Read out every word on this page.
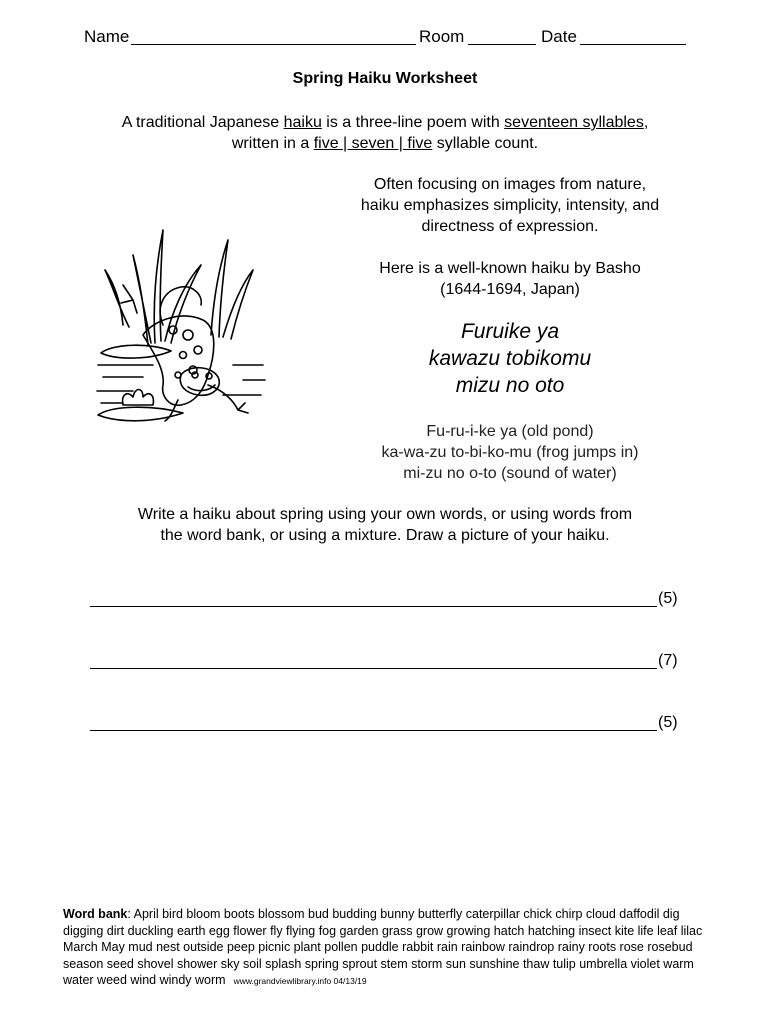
Name	Room	Date
Spring Haiku Worksheet
A traditional Japanese haiku is a three-line poem with seventeen syllables,
written in a five | seven | five syllable count.
Often focusing on images from nature,
haiku emphasizes simplicity, intensity, and
directness of expression.
Here is a well-known haiku by Basho
(1644-1694, Japan)
Furuike ya
kawazu tobikomu
mizu no oto
Fu-ru-i-ke ya (old pond)
ka-wa-zu to-bi-ko-mu (frog jumps in)
mi-zu no o-to (sound of water)
Write a haiku about spring using your own words, or using words from
the word bank, or using a mixture. Draw a picture of your haiku.
(5)
(7)
(5)
Word bank: April bird bloom boots blossom bud budding bunny butterfly caterpillar chick chirp cloud daffodil dig digging dirt duckling earth egg flower fly flying fog garden grass grow growing hatch hatching insect kite life leaf lilac March May mud nest outside peep picnic plant pollen puddle rabbit rain rainbow raindrop rainy roots rose rosebud season seed shovel shower sky soil splash spring sprout stem storm sun sunshine thaw tulip umbrella violet warm water weed wind windy worm www.grandviewlibrary.info 04/13/19
